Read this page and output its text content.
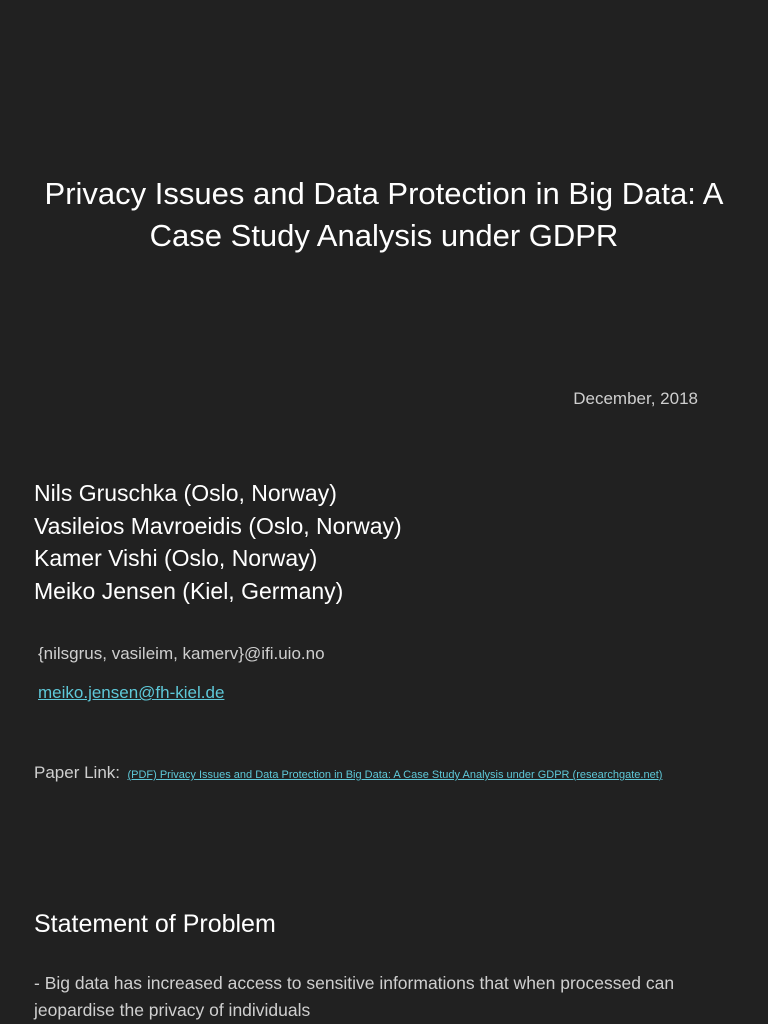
Privacy Issues and Data Protection in Big Data: A Case Study Analysis under GDPR
December, 2018
Nils Gruschka (Oslo, Norway)
Vasileios Mavroeidis (Oslo, Norway)
Kamer Vishi (Oslo, Norway)
Meiko Jensen (Kiel, Germany)
{nilsgrus, vasileim, kamerv}@ifi.uio.no
meiko.jensen@fh-kiel.de
Paper Link: (PDF) Privacy Issues and Data Protection in Big Data: A Case Study Analysis under GDPR (researchgate.net)
Statement of Problem

- Big data has increased access to sensitive informations that when processed can jeopardise the privacy of individuals
